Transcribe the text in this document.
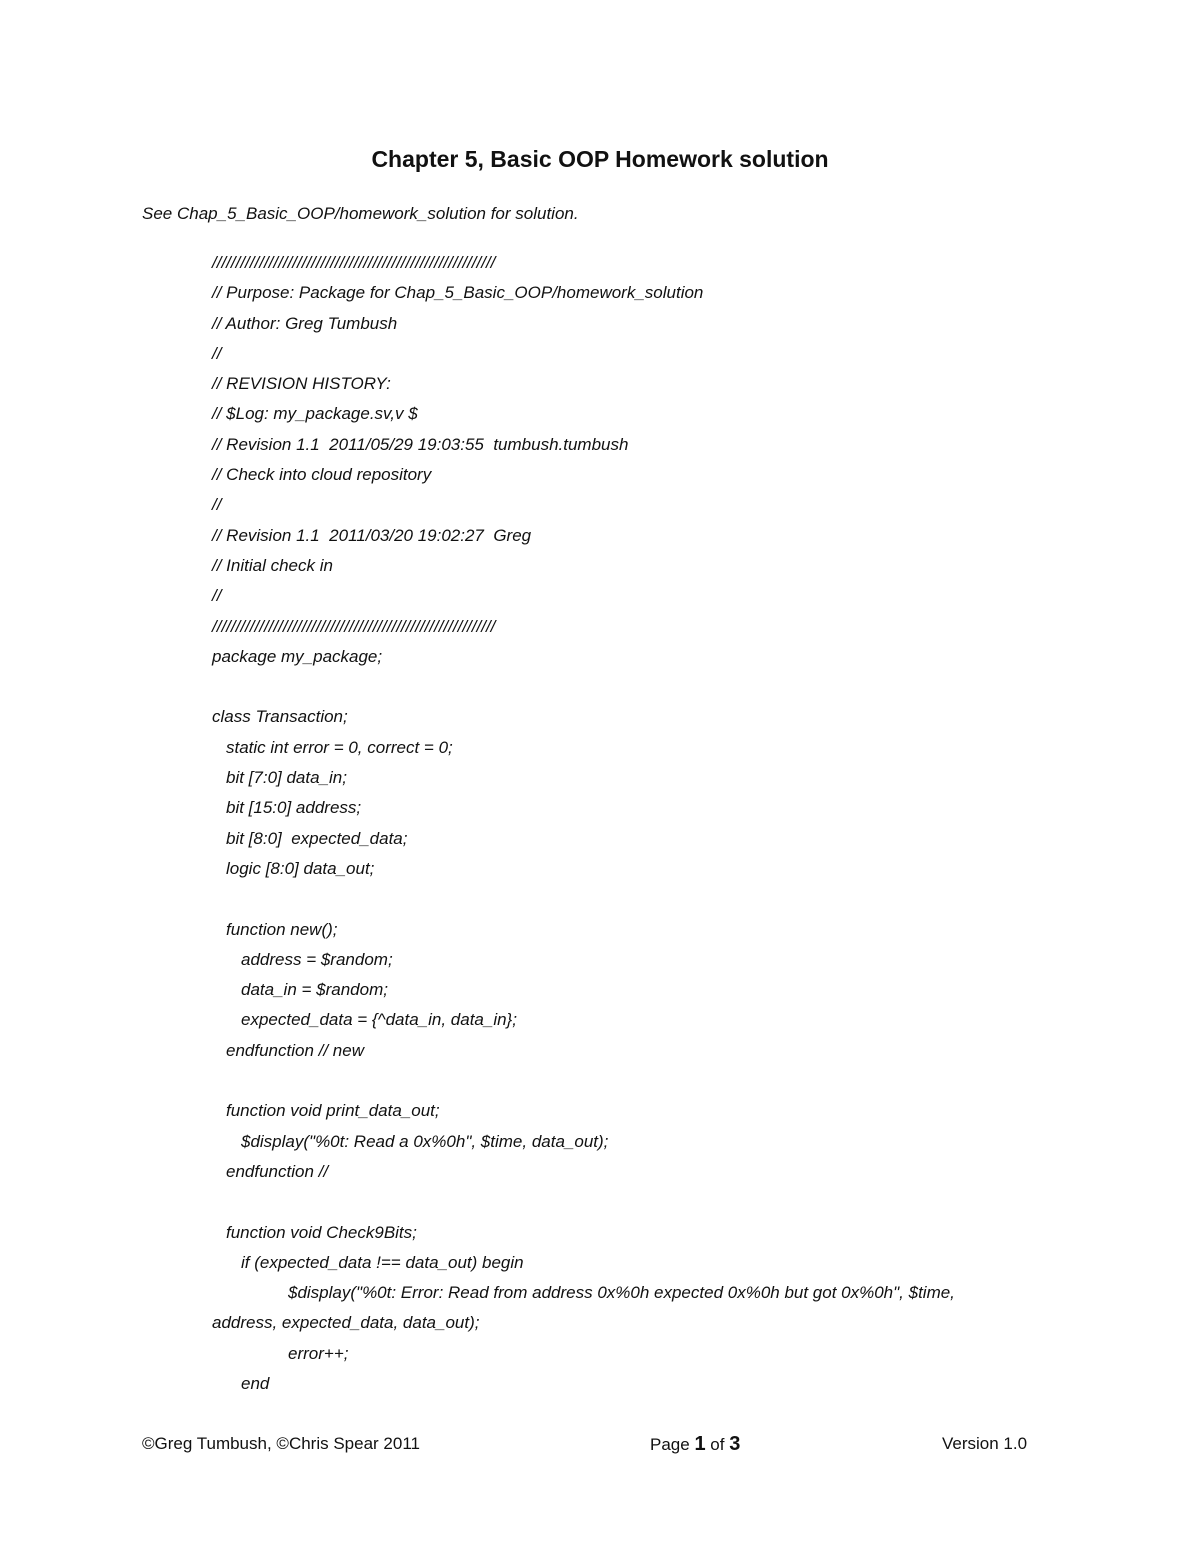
Chapter 5, Basic OOP Homework solution

See Chap_5_Basic_OOP/homework_solution for solution.

////////////////////////////////////////////////////////////
// Purpose: Package for Chap_5_Basic_OOP/homework_solution
// Author: Greg Tumbush
//
// REVISION HISTORY:
// $Log: my_package.sv,v $
// Revision 1.1  2011/05/29 19:03:55  tumbush.tumbush
// Check into cloud repository
//
// Revision 1.1  2011/03/20 19:02:27  Greg
// Initial check in
//
////////////////////////////////////////////////////////////
package my_package;
class Transaction;
static int error = 0, correct = 0;
bit [7:0] data_in;
bit [15:0] address;
bit [8:0]  expected_data;
logic [8:0] data_out;
function new();
address = $random;
data_in = $random;
expected_data = {^data_in, data_in};
endfunction // new
function void print_data_out;
$display("%0t: Read a 0x%0h", $time, data_out);
endfunction //
function void Check9Bits;
if (expected_data !== data_out) begin
$display("%0t: Error: Read from address 0x%0h expected 0x%0h but got 0x%0h", $time,
address, expected_data, data_out);
error++;
end
©Greg Tumbush, ©Chris Spear 2011	Page 1 of 3	Version 1.0
